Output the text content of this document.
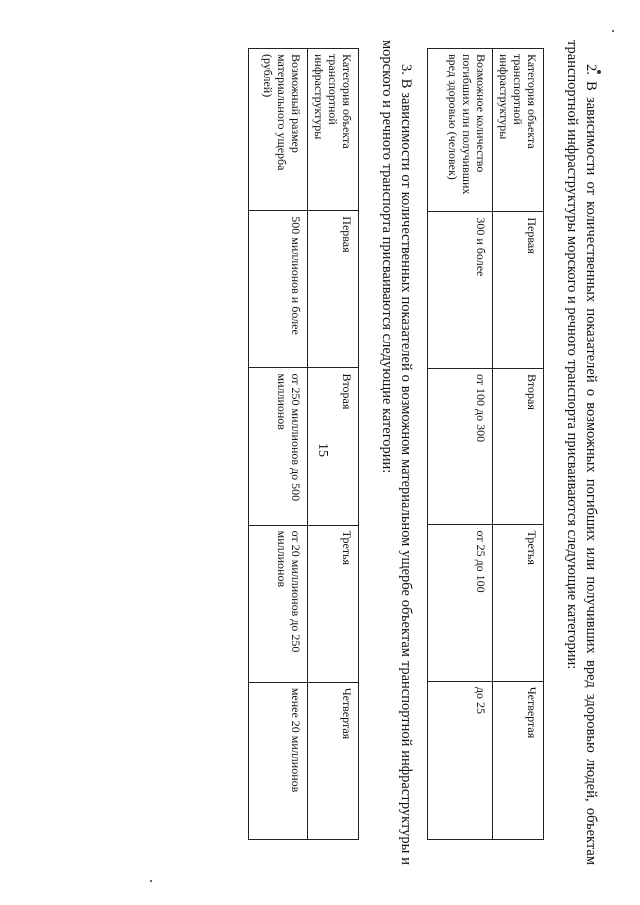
15	2. В зависимости от количественных показателей о возможных погибших или получивших вред здоровью людей, объектам транспортной инфраструктуры морского и речного транспорта присваиваются следующие категории:

Категория объекта транспортной инфраструктуры	Первая	Вторая	Третья	Четвертая
Возможное количество погибших или получивших вред здоровью (человек)	300 и более	от 100 до 300	от 25 до 100	до 25

3. В зависимости от количественных показателей о возможном материальном ущербе объектам транспортной инфраструктуры и морского и речного транспорта присваиваются следующие категории:

Категория объекта транспортной инфраструктуры	Первая	Вторая	Третья	Четвертая
Возможный размер материального ущерба (рублей)	500 миллионов и более	от 250 миллионов до 500 миллионов	от 20 миллионов до 250 миллионов	менее 20 миллионов
